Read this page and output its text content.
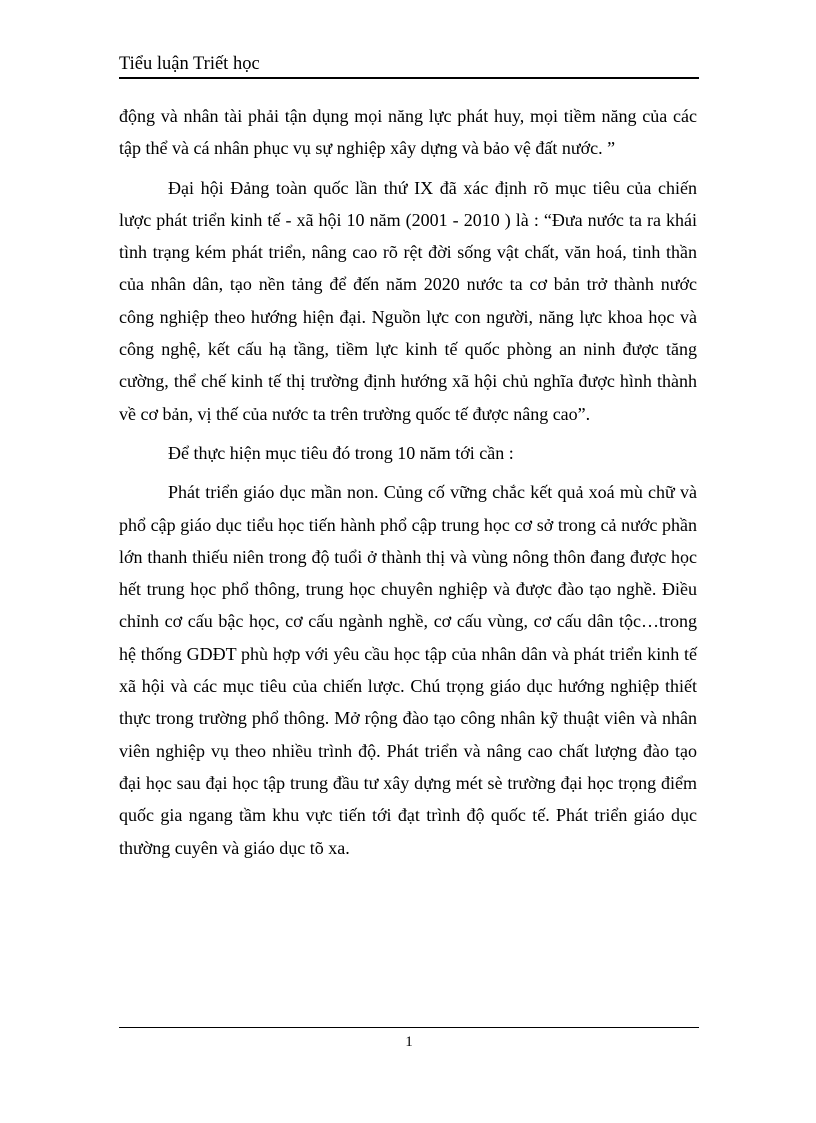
Tiểu luận Triết học

động và nhân tài phải tận dụng mọi năng lực phát huy, mọi tiềm năng của các tập thể và cá nhân phục vụ sự nghiệp xây dựng và bảo vệ đất nước. ”

Đại hội Đảng toàn quốc lần thứ IX đã xác định rõ mục tiêu của chiến lược phát triển kinh tế - xã hội 10 năm (2001 - 2010 ) là : “Đưa nước ta ra khái tình trạng kém phát triển, nâng cao rõ rệt đời sống vật chất, văn hoá, tinh thần của nhân dân, tạo nền tảng để đến năm 2020 nước ta cơ bản trở thành nước công nghiệp theo hướng hiện đại. Nguồn lực con người, năng lực khoa học và công nghệ, kết cấu hạ tầng, tiềm lực kinh tế quốc phòng an ninh được tăng cường, thể chế kinh tế thị trường định hướng xã hội chủ nghĩa được hình thành về cơ bản, vị thế của nước ta trên trường quốc tế được nâng cao”.

Để thực hiện mục tiêu đó trong 10 năm tới cần :

Phát triển giáo dục mần non. Củng cố vững chắc kết quả xoá mù chữ và phổ cập giáo dục tiểu học tiến hành phổ cập trung học cơ sở trong cả nước phần lớn thanh thiếu niên trong độ tuổi ở thành thị và vùng nông thôn đang được học hết trung học phổ thông, trung học chuyên nghiệp và được đào tạo nghề. Điều chỉnh cơ cấu bậc học, cơ cấu ngành nghề, cơ cấu vùng, cơ cấu dân tộc…trong hệ thống GDĐT phù hợp với yêu cầu học tập của nhân dân và phát triển kinh tế xã hội và các mục tiêu của chiến lược. Chú trọng giáo dục hướng nghiệp thiết thực trong trường phổ thông. Mở rộng đào tạo công nhân kỹ thuật viên và nhân viên nghiệp vụ theo nhiều trình độ. Phát triển và nâng cao chất lượng đào tạo đại học sau đại học tập trung đầu tư xây dựng mét sè trường đại học trọng điểm quốc gia ngang tầm khu vực tiến tới đạt trình độ quốc tế. Phát triển giáo dục thường cuyên và giáo dục tõ xa.

1
